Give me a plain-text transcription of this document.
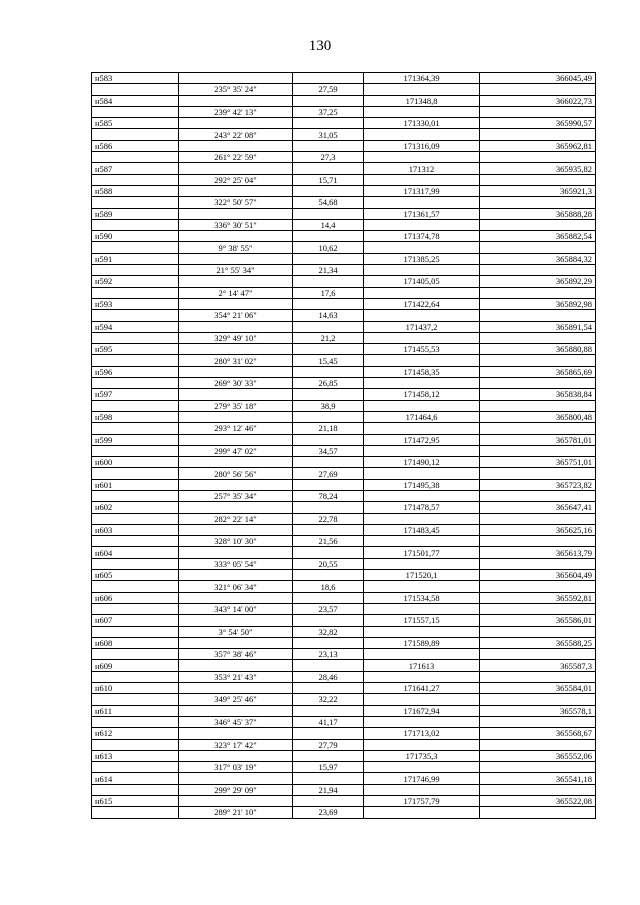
130
н583			171364,39	366045,49
	235° 35' 24"	27,59		
н584			171348,8	366022,73
	239° 42' 13"	37,25		
н585			171330,01	365990,57
	243° 22' 08"	31,05		
н586			171316,09	365962,81
	261° 22' 59"	27,3		
н587			171312	365935,82
	292° 25' 04"	15,71		
н588			171317,99	365921,3
	322° 50' 57"	54,68		
н589			171361,57	365888,28
	336° 30' 51"	14,4		
н590			171374,78	365882,54
	9° 38' 55"	10,62		
н591			171385,25	365884,32
	21° 55' 34"	21,34		
н592			171405,05	365892,29
	2° 14' 47"	17,6		
н593			171422,64	365892,98
	354° 21' 06"	14,63		
н594			171437,2	365891,54
	329° 49' 10"	21,2		
н595			171455,53	365880,88
	280° 31' 02"	15,45		
н596			171458,35	365865,69
	269° 30' 33"	26,85		
н597			171458,12	365838,84
	279° 35' 18"	38,9		
н598			171464,6	365800,48
	293° 12' 46"	21,18		
н599			171472,95	365781,01
	299° 47' 02"	34,57		
н600			171490,12	365751,01
	280° 56' 56"	27,69		
н601			171495,38	365723,82
	257° 35' 34"	78,24		
н602			171478,57	365647,41
	282° 22' 14"	22,78		
н603			171483,45	365625,16
	328° 10' 30"	21,56		
н604			171501,77	365613,79
	333° 05' 54"	20,55		
н605			171520,1	365604,49
	321° 06' 34"	18,6		
н606			171534,58	365592,81
	343° 14' 00"	23,57		
н607			171557,15	365586,01
	3° 54' 50"	32,82		
н608			171589,89	365588,25
	357° 38' 46"	23,13		
н609			171613	365587,3
	353° 21' 43"	28,46		
н610			171641,27	365584,01
	349° 25' 46"	32,22		
н611			171672,94	365578,1
	346° 45' 37"	41,17		
н612			171713,02	365568,67
	323° 17' 42"	27,79		
н613			171735,3	365552,06
	317° 03' 19"	15,97		
н614			171746,99	365541,18
	299° 29' 09"	21,94		
н615			171757,79	365522,08
	289° 21' 10"	23,69		
